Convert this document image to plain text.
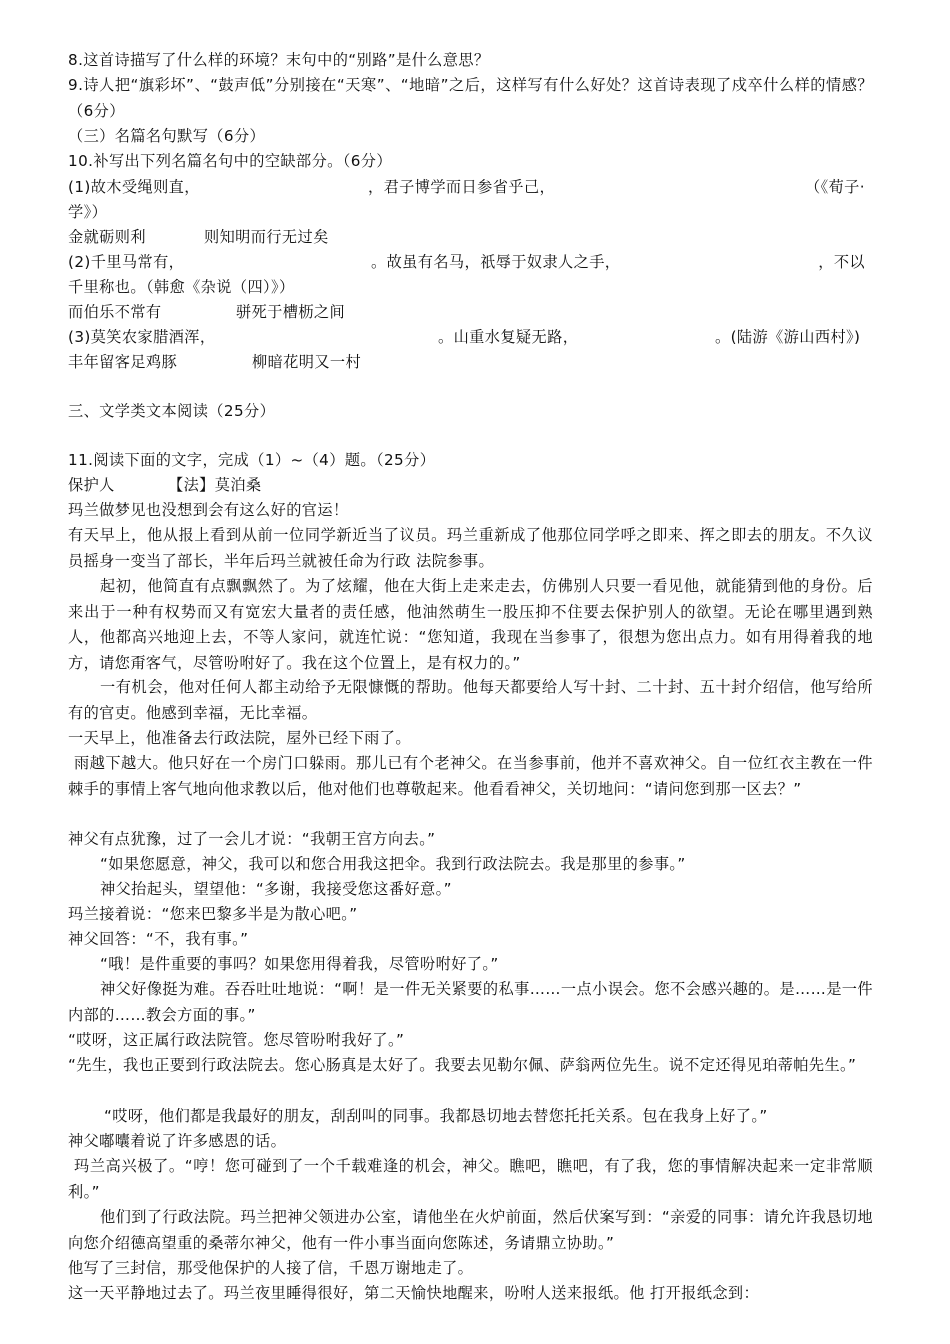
8.这首诗描写了什么样的环境？末句中的“别路”是什么意思？
9.诗人把“旗彩坏”、“鼓声低”分别接在“天寒”、“地暗”之后，这样写有什么好处？这首诗表现了戍卒什么样的情感？（6分）
（三）名篇名句默写（6分）
10.补写出下列名篇名句中的空缺部分。（6分）
(1)故木受绳则直，	，君子博学而日参省乎己，	（《荀子·
学》）
金就砺则利	则知明而行无过矣
(2)千里马常有，	。故虽有名马，祇辱于奴隶人之手，	，不以
千里称也。（韩愈《杂说（四）》）
而伯乐不常有	骈死于槽枥之间
(3)莫笑农家腊酒浑，	。山重水复疑无路，	。(陆游《游山西村》)
丰年留客足鸡豚	柳暗花明又一村
三、文学类文本阅读（25分）
11.阅读下面的文字，完成（1）~（4）题。（25分）
保护人	【法】莫泊桑
玛兰做梦见也没想到会有这么好的官运！
有天早上，他从报上看到从前一位同学新近当了议员。玛兰重新成了他那位同学呼之即来、挥之即去的朋友。不久议员摇身一变当了部长，半年后玛兰就被任命为行政 法院参事。
起初，他简直有点飘飘然了。为了炫耀，他在大街上走来走去，仿佛别人只要一看见他，就能猜到他的身份。后来出于一种有权势而又有宽宏大量者的责任感，他油然萌生一股压抑不住要去保护别人的欲望。无论在哪里遇到熟人，他都高兴地迎上去，不等人家问，就连忙说：“您知道，我现在当参事了，很想为您出点力。如有用得着我的地方，请您甭客气，尽管吩咐好了。我在这个位置上，是有权力的。”
一有机会，他对任何人都主动给予无限慷慨的帮助。他每天都要给人写十封、二十封、五十封介绍信，他写给所有的官吏。他感到幸福，无比幸福。
一天早上，他准备去行政法院，屋外已经下雨了。
雨越下越大。他只好在一个房门口躲雨。那儿已有个老神父。在当参事前，他并不喜欢神父。自一位红衣主教在一件棘手的事情上客气地向他求教以后，他对他们也尊敬起来。他看看神父，关切地问：“请问您到那一区去？”
神父有点犹豫，过了一会儿才说：“我朝王宫方向去。”
“如果您愿意，神父，我可以和您合用我这把伞。我到行政法院去。我是那里的参事。”
神父抬起头，望望他：“多谢，我接受您这番好意。”
玛兰接着说：“您来巴黎多半是为散心吧。”
神父回答：“不，我有事。”
“哦！是件重要的事吗？如果您用得着我，尽管吩咐好了。”
神父好像挺为难。吞吞吐吐地说：“啊！是一件无关紧要的私事……一点小误会。您不会感兴趣的。是……是一件内部的……教会方面的事。”
“哎呀，这正属行政法院管。您尽管吩咐我好了。”
“先生，我也正要到行政法院去。您心肠真是太好了。我要去见勒尔佩、萨翁两位先生。说不定还得见珀蒂帕先生。”
“哎呀，他们都是我最好的朋友，刮刮叫的同事。我都恳切地去替您托托关系。包在我身上好了。”
神父嘟囔着说了许多感恩的话。
玛兰高兴极了。“哼！您可碰到了一个千载难逢的机会，神父。瞧吧，瞧吧，有了我，您的事情解决起来一定非常顺利。”
他们到了行政法院。玛兰把神父领进办公室，请他坐在火炉前面，然后伏案写到：“亲爱的同事：请允许我恳切地向您介绍德高望重的桑蒂尔神父，他有一件小事当面向您陈述，务请鼎立协助。”
他写了三封信，那受他保护的人接了信，千恩万谢地走了。
这一天平静地过去了。玛兰夜里睡得很好，第二天愉快地醒来，吩咐人送来报纸。他 打开报纸念到：
